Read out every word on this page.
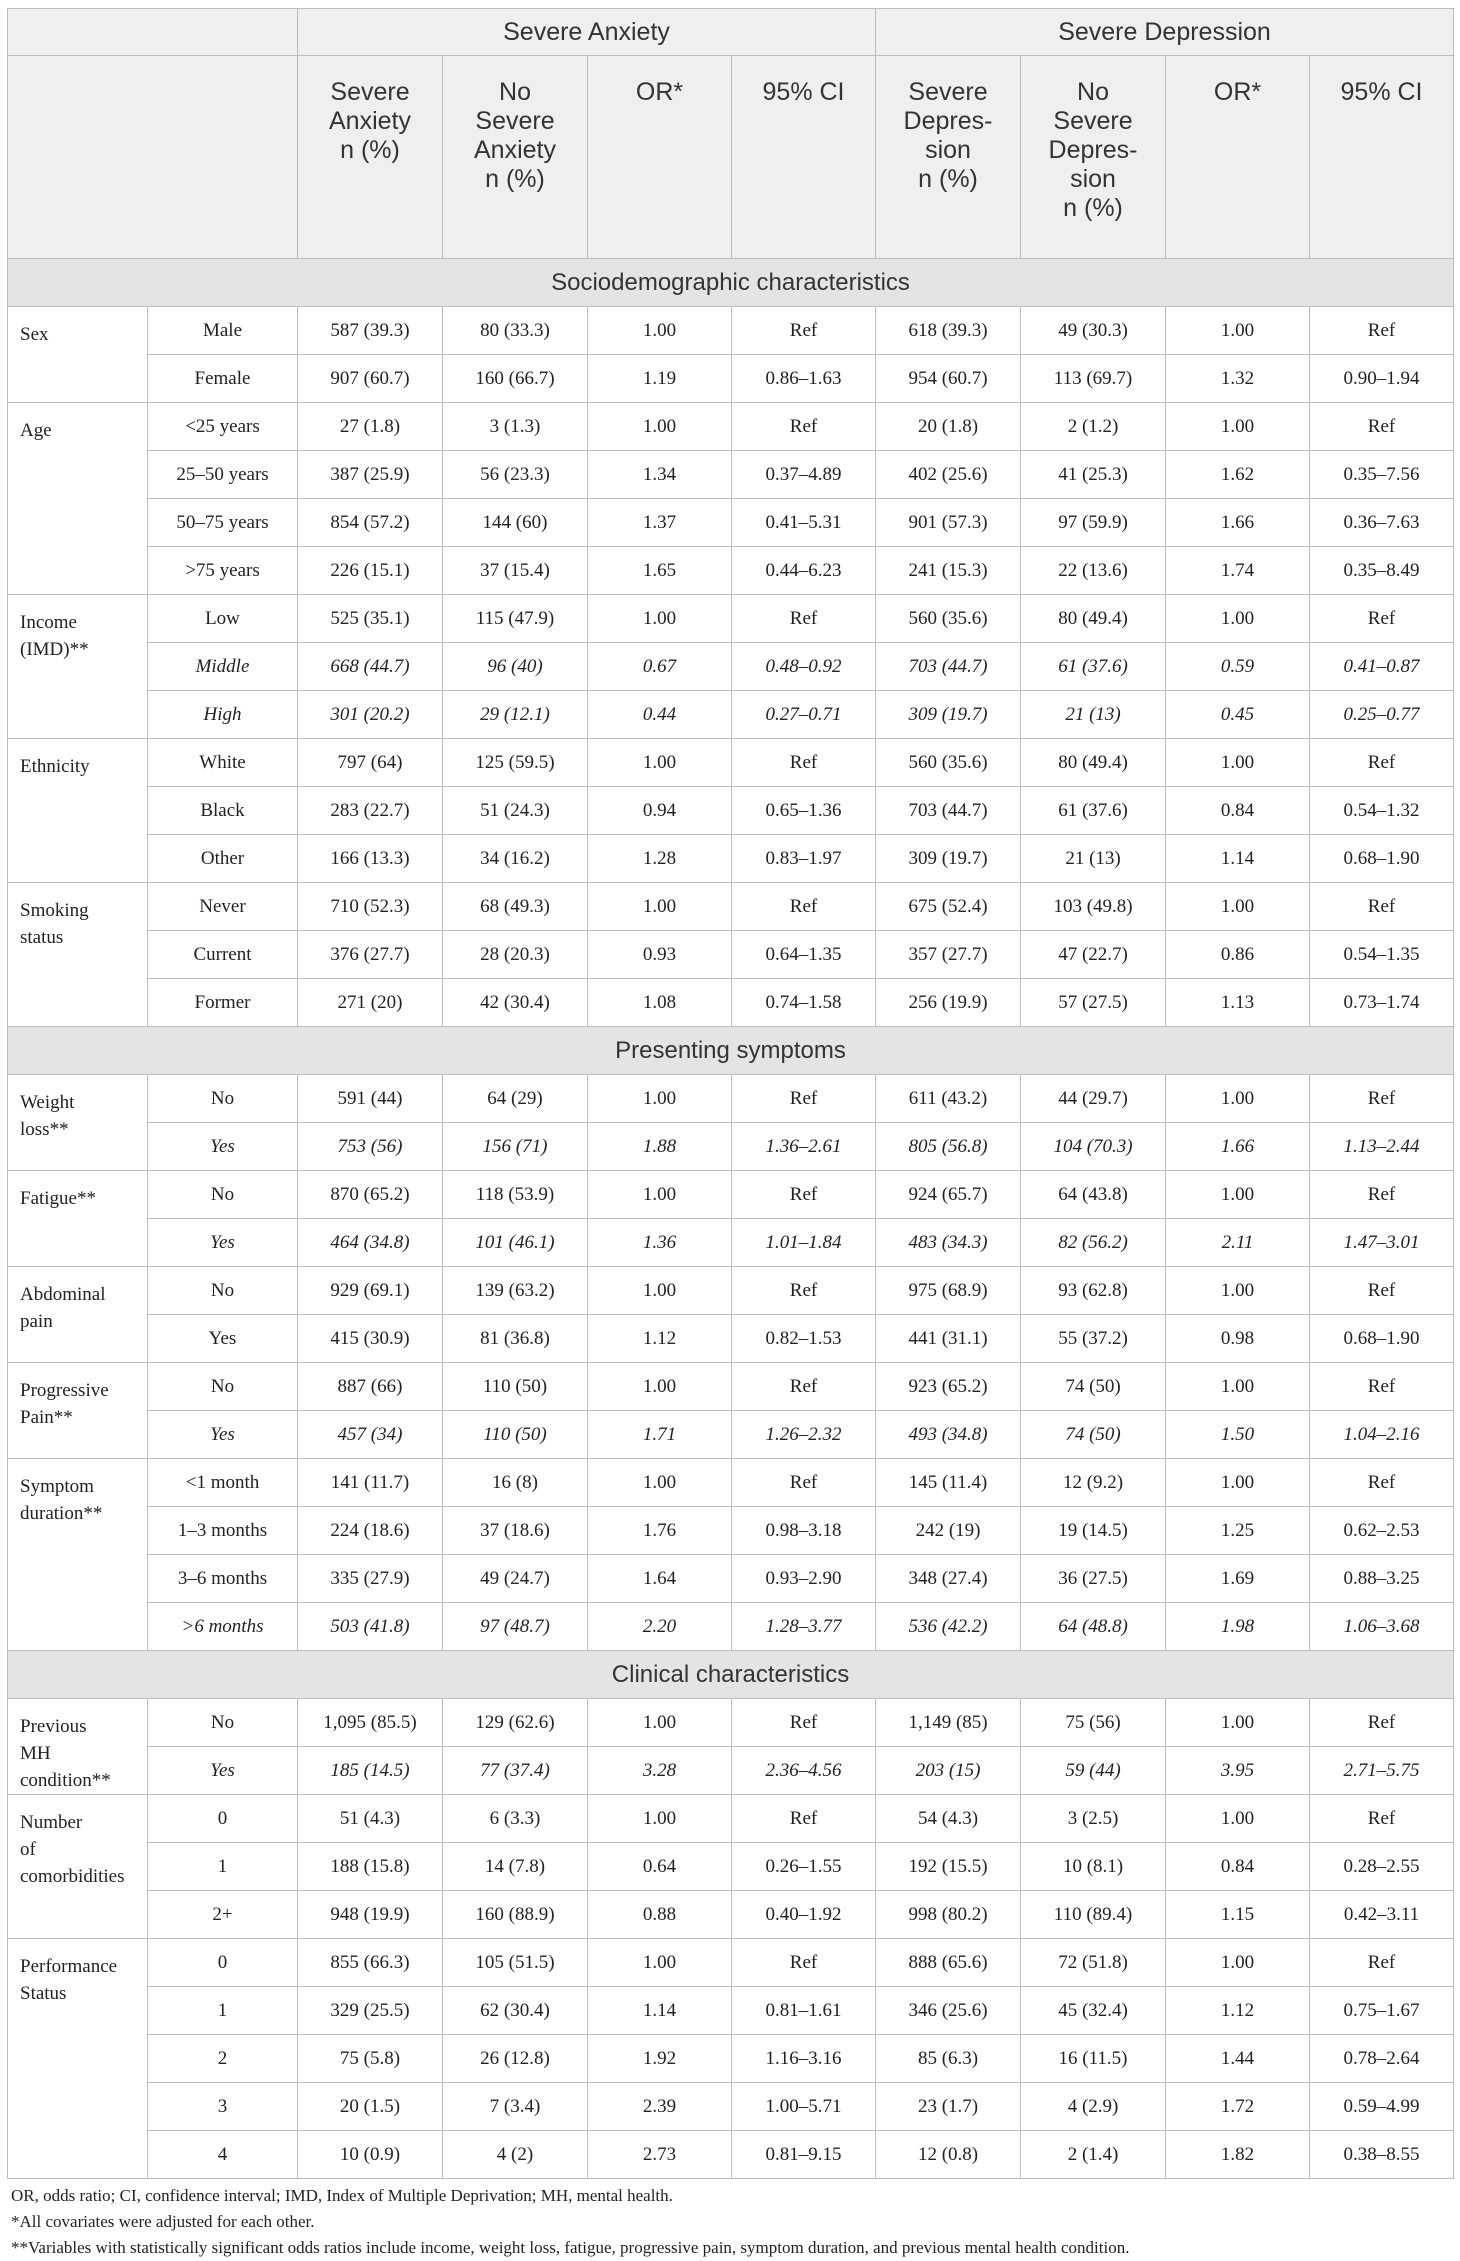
		Severe Anxiety				Severe Depression			
		Severe
Anxiety
n (%)	No
Severe
Anxiety
n (%)	OR*	95% CI	Severe
Depres-
sion
n (%)	No
Severe
Depres-
sion
n (%)	OR*	95% CI
Sociodemographic characteristics									
Sex	Male	587 (39.3)	80 (33.3)	1.00	Ref	618 (39.3)	49 (30.3)	1.00	Ref
	Female	907 (60.7)	160 (66.7)	1.19	0.86–1.63	954 (60.7)	113 (69.7)	1.32	0.90–1.94
Age	<25 years	27 (1.8)	3 (1.3)	1.00	Ref	20 (1.8)	2 (1.2)	1.00	Ref
	25–50 years	387 (25.9)	56 (23.3)	1.34	0.37–4.89	402 (25.6)	41 (25.3)	1.62	0.35–7.56
	50–75 years	854 (57.2)	144 (60)	1.37	0.41–5.31	901 (57.3)	97 (59.9)	1.66	0.36–7.63
	>75 years	226 (15.1)	37 (15.4)	1.65	0.44–6.23	241 (15.3)	22 (13.6)	1.74	0.35–8.49
Income
(IMD)**	Low	525 (35.1)	115 (47.9)	1.00	Ref	560 (35.6)	80 (49.4)	1.00	Ref
	Middle	668 (44.7)	96 (40)	0.67	0.48–0.92	703 (44.7)	61 (37.6)	0.59	0.41–0.87
	High	301 (20.2)	29 (12.1)	0.44	0.27–0.71	309 (19.7)	21 (13)	0.45	0.25–0.77
Ethnicity	White	797 (64)	125 (59.5)	1.00	Ref	560 (35.6)	80 (49.4)	1.00	Ref
	Black	283 (22.7)	51 (24.3)	0.94	0.65–1.36	703 (44.7)	61 (37.6)	0.84	0.54–1.32
	Other	166 (13.3)	34 (16.2)	1.28	0.83–1.97	309 (19.7)	21 (13)	1.14	0.68–1.90
Smoking
status	Never	710 (52.3)	68 (49.3)	1.00	Ref	675 (52.4)	103 (49.8)	1.00	Ref
	Current	376 (27.7)	28 (20.3)	0.93	0.64–1.35	357 (27.7)	47 (22.7)	0.86	0.54–1.35
	Former	271 (20)	42 (30.4)	1.08	0.74–1.58	256 (19.9)	57 (27.5)	1.13	0.73–1.74
Presenting symptoms									
Weight
loss**	No	591 (44)	64 (29)	1.00	Ref	611 (43.2)	44 (29.7)	1.00	Ref
	Yes	753 (56)	156 (71)	1.88	1.36–2.61	805 (56.8)	104 (70.3)	1.66	1.13–2.44
Fatigue**	No	870 (65.2)	118 (53.9)	1.00	Ref	924 (65.7)	64 (43.8)	1.00	Ref
	Yes	464 (34.8)	101 (46.1)	1.36	1.01–1.84	483 (34.3)	82 (56.2)	2.11	1.47–3.01
Abdominal
pain	No	929 (69.1)	139 (63.2)	1.00	Ref	975 (68.9)	93 (62.8)	1.00	Ref
	Yes	415 (30.9)	81 (36.8)	1.12	0.82–1.53	441 (31.1)	55 (37.2)	0.98	0.68–1.90
Progressive
Pain**	No	887 (66)	110 (50)	1.00	Ref	923 (65.2)	74 (50)	1.00	Ref
	Yes	457 (34)	110 (50)	1.71	1.26–2.32	493 (34.8)	74 (50)	1.50	1.04–2.16
Symptom
duration**	<1 month	141 (11.7)	16 (8)	1.00	Ref	145 (11.4)	12 (9.2)	1.00	Ref
	1–3 months	224 (18.6)	37 (18.6)	1.76	0.98–3.18	242 (19)	19 (14.5)	1.25	0.62–2.53
	3–6 months	335 (27.9)	49 (24.7)	1.64	0.93–2.90	348 (27.4)	36 (27.5)	1.69	0.88–3.25
	>6 months	503 (41.8)	97 (48.7)	2.20	1.28–3.77	536 (42.2)	64 (48.8)	1.98	1.06–3.68
Clinical characteristics									
Previous
MH
condition**	No	1,095 (85.5)	129 (62.6)	1.00	Ref	1,149 (85)	75 (56)	1.00	Ref
	Yes	185 (14.5)	77 (37.4)	3.28	2.36–4.56	203 (15)	59 (44)	3.95	2.71–5.75
Number
of
comorbidities	0	51 (4.3)	6 (3.3)	1.00	Ref	54 (4.3)	3 (2.5)	1.00	Ref
	1	188 (15.8)	14 (7.8)	0.64	0.26–1.55	192 (15.5)	10 (8.1)	0.84	0.28–2.55
	2+	948 (19.9)	160 (88.9)	0.88	0.40–1.92	998 (80.2)	110 (89.4)	1.15	0.42–3.11
Performance
Status	0	855 (66.3)	105 (51.5)	1.00	Ref	888 (65.6)	72 (51.8)	1.00	Ref
	1	329 (25.5)	62 (30.4)	1.14	0.81–1.61	346 (25.6)	45 (32.4)	1.12	0.75–1.67
	2	75 (5.8)	26 (12.8)	1.92	1.16–3.16	85 (6.3)	16 (11.5)	1.44	0.78–2.64
	3	20 (1.5)	7 (3.4)	2.39	1.00–5.71	23 (1.7)	4 (2.9)	1.72	0.59–4.99
	4	10 (0.9)	4 (2)	2.73	0.81–9.15	12 (0.8)	2 (1.4)	1.82	0.38–8.55
OR, odds ratio; CI, confidence interval; IMD, Index of Multiple Deprivation; MH, mental health.
*All covariates were adjusted for each other.
**Variables with statistically significant odds ratios include income, weight loss, fatigue, progressive pain, symptom duration, and previous mental health condition.
